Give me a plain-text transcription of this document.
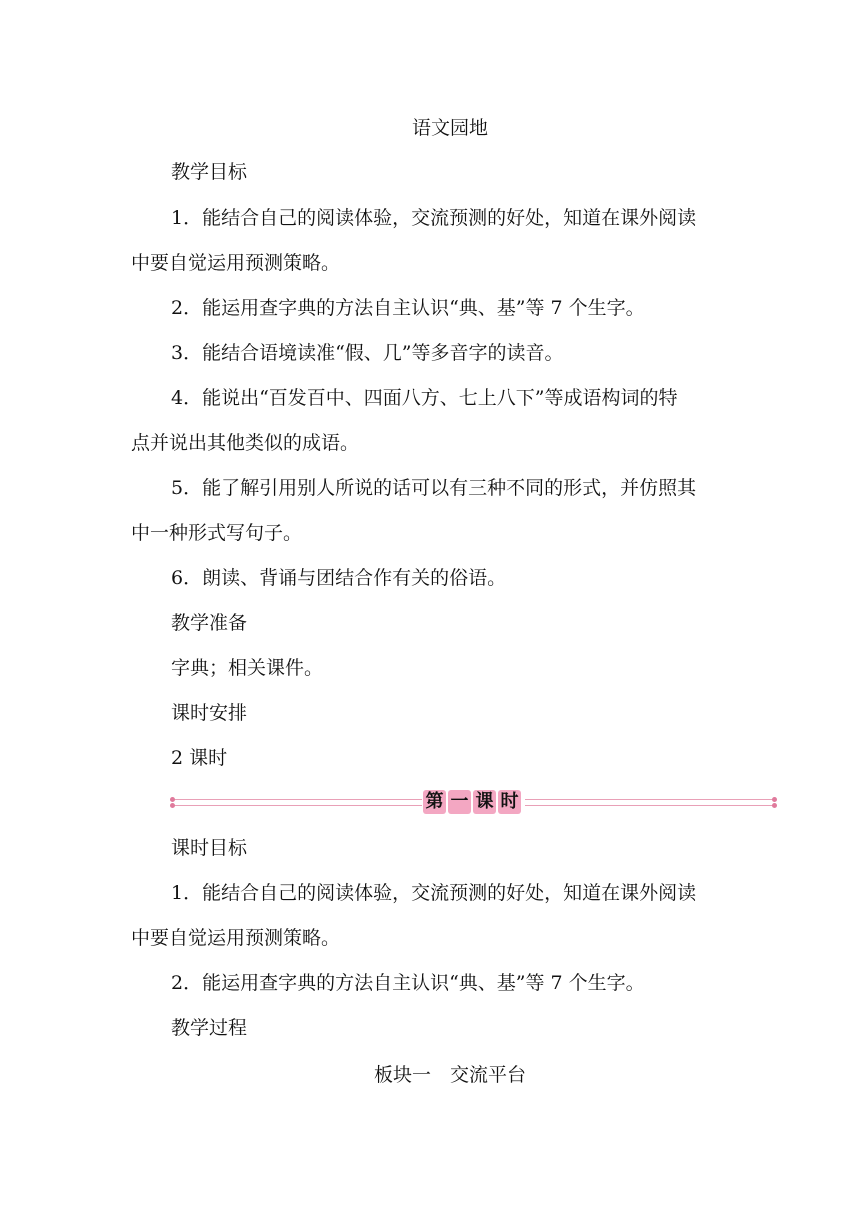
语文园地
教学目标
1．能结合自己的阅读体验，交流预测的好处，知道在课外阅读
中要自觉运用预测策略。
2．能运用查字典的方法自主认识“典、基”等 7 个生字。
3．能结合语境读准“假、几”等多音字的读音。
4．能说出“百发百中、四面八方、七上八下”等成语构词的特
点并说出其他类似的成语。
5．能了解引用别人所说的话可以有三种不同的形式，并仿照其
中一种形式写句子。
6．朗读、背诵与团结合作有关的俗语。
教学准备
字典；相关课件。
课时安排
2 课时
第 一 课 时
课时目标
1．能结合自己的阅读体验，交流预测的好处，知道在课外阅读
中要自觉运用预测策略。
2．能运用查字典的方法自主认识“典、基”等 7 个生字。
教学过程
板块一　交流平台
